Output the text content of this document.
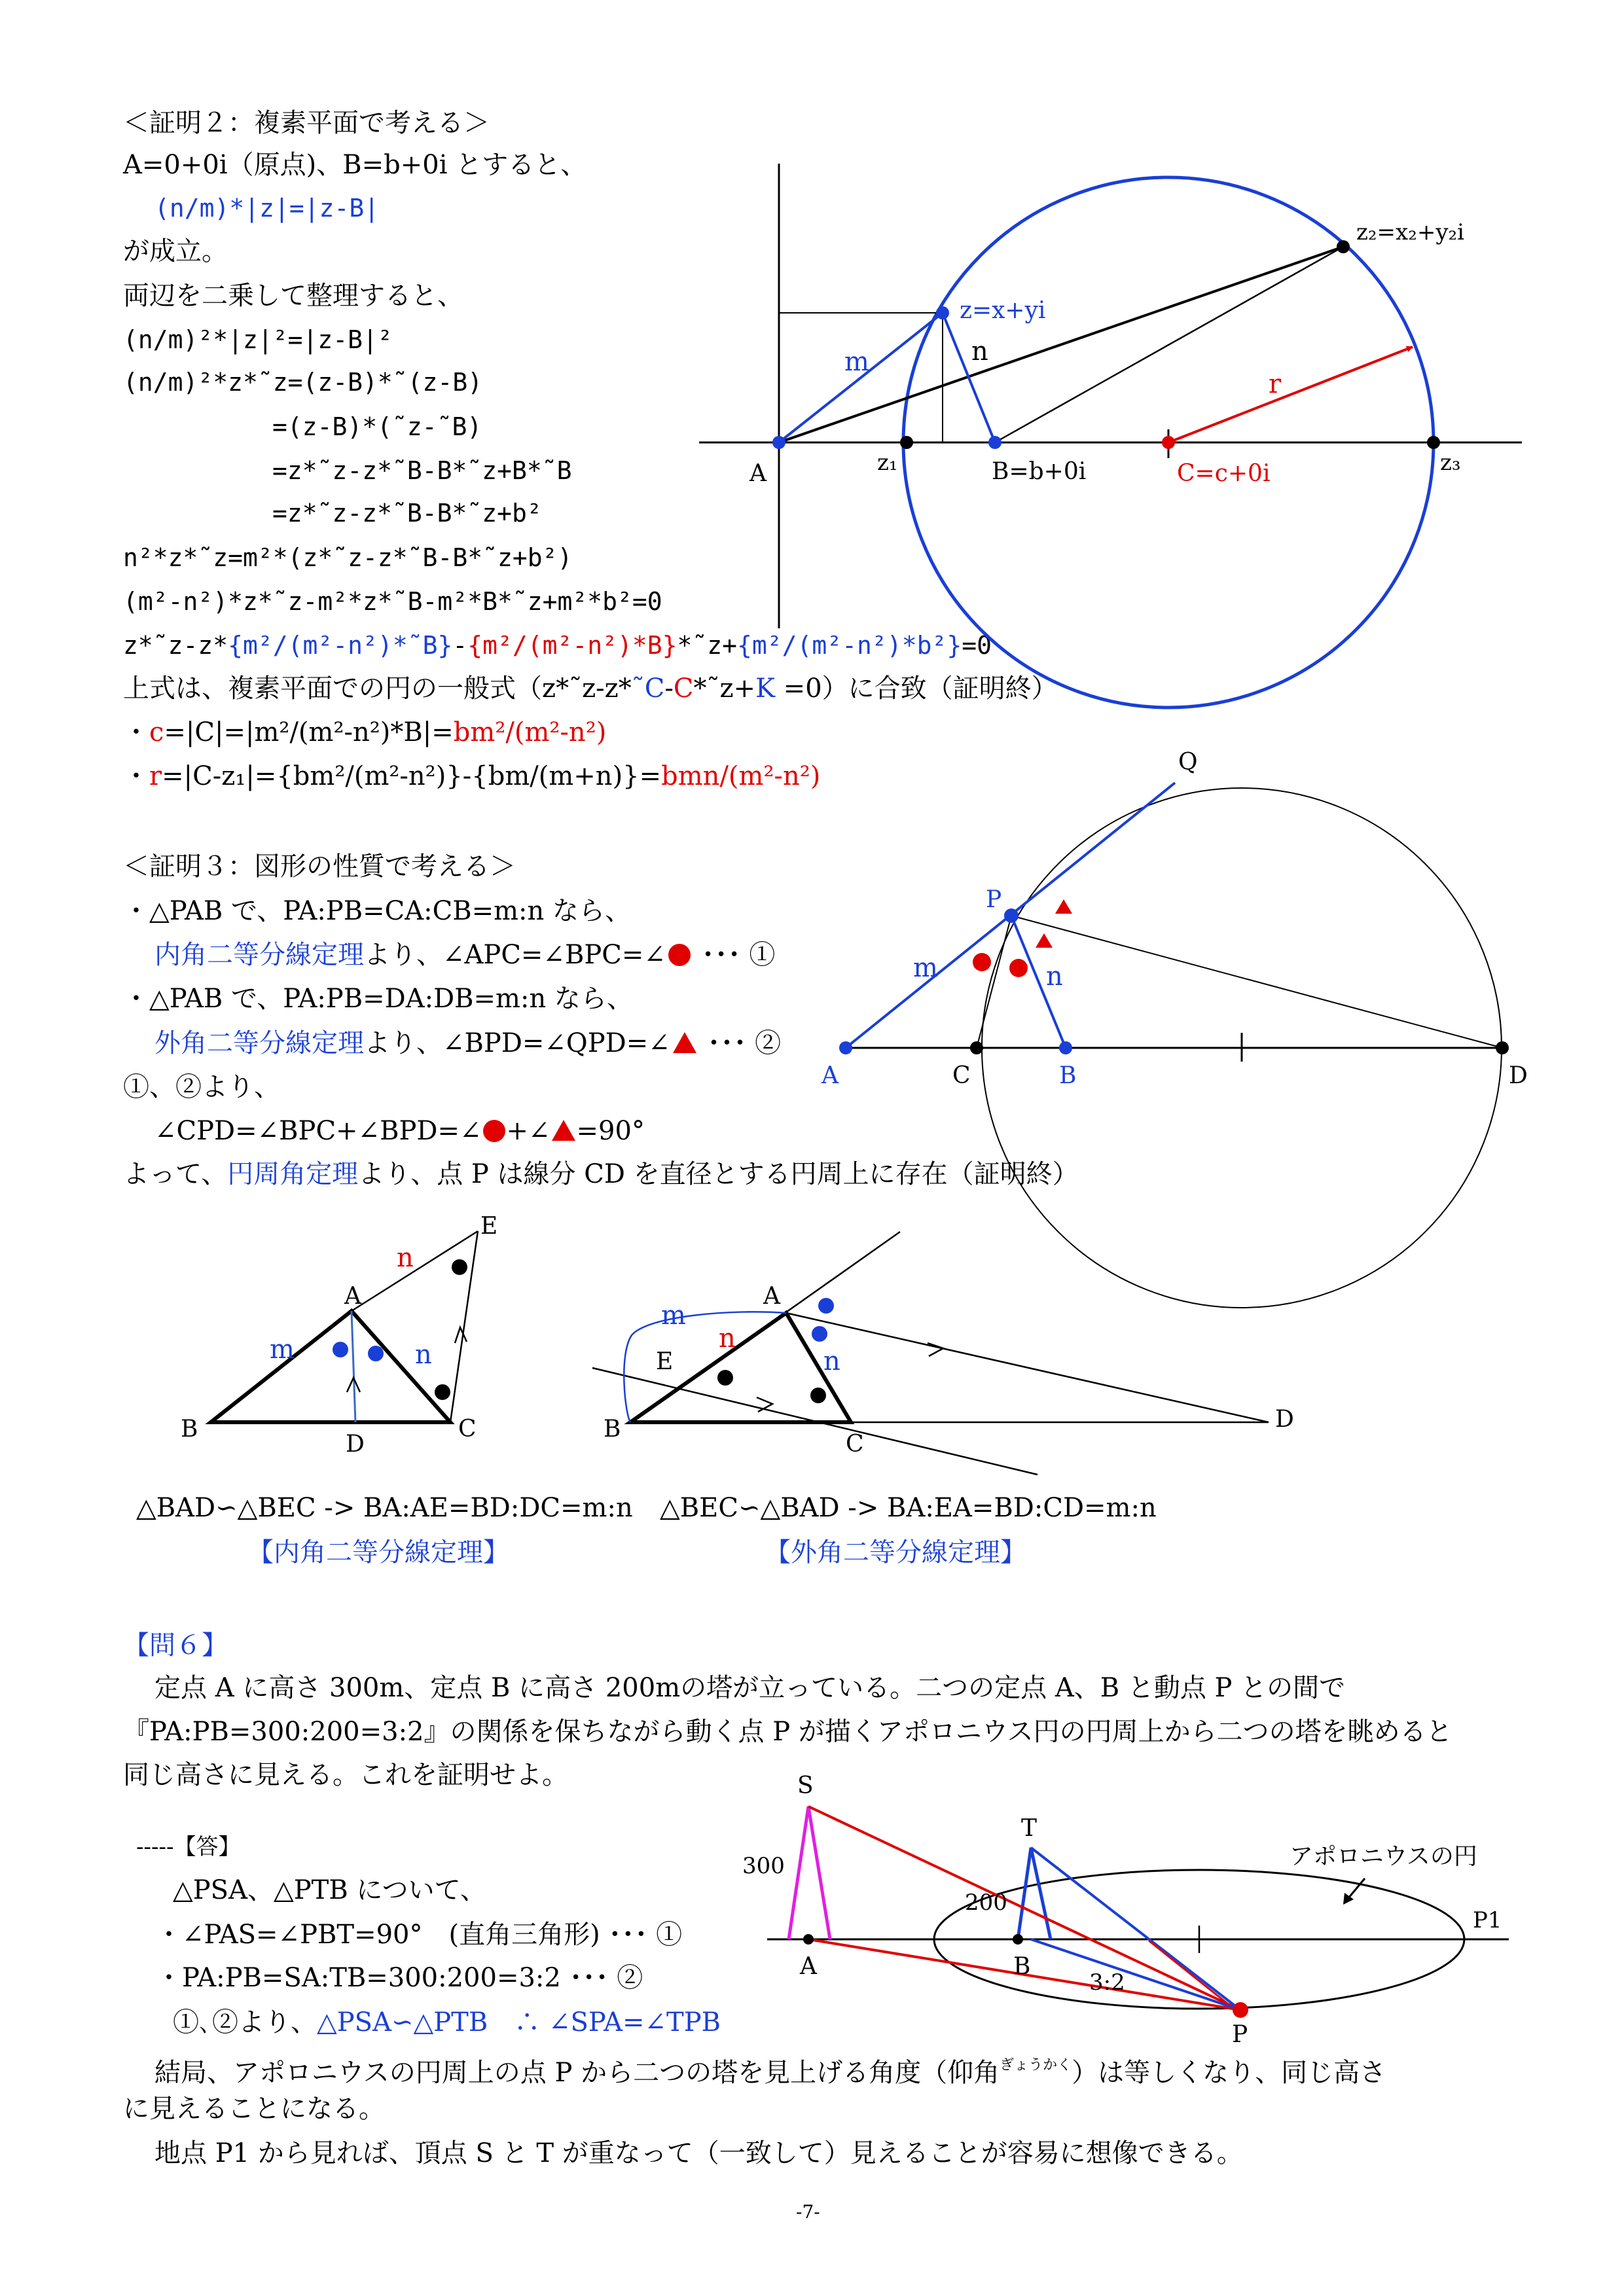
＜証明２：複素平面で考える＞
A=0+0i（原点)、B=b+0i とすると、
(n/m)*|z|=|z-B|
が成立。
両辺を二乗して整理すると、
(n/m)²*|z|²=|z-B|²
(n/m)²*z*˜z=(z-B)*˜(z-B)
=(z-B)*(˜z-˜B)
=z*˜z-z*˜B-B*˜z+B*˜B
=z*˜z-z*˜B-B*˜z+b²
n²*z*˜z=m²*(z*˜z-z*˜B-B*˜z+b²)
(m²-n²)*z*˜z-m²*z*˜B-m²*B*˜z+m²*b²=0
z*˜z-z*{m²/(m²-n²)*˜B}-{m²/(m²-n²)*B}*˜z+{m²/(m²-n²)*b²}=0
上式は、複素平面での円の一般式（z*˜z-z*˜C-C*˜z+K =0）に合致（証明終）
・c=|C|=|m²/(m²-n²)*B|=bm²/(m²-n²)
・r=|C-z₁|={bm²/(m²-n²)}-{bm/(m+n)}=bmn/(m²-n²)
＜証明３：図形の性質で考える＞
・△PAB で、PA:PB=CA:CB=m:n なら、
内角二等分線定理より、∠APC=∠BPC=∠ ･･･ ①
・△PAB で、PA:PB=DA:DB=m:n なら、
外角二等分線定理より、∠BPD=∠QPD=∠ ･･･ ②
①、②より、
∠CPD=∠BPC+∠BPD=∠ +∠ =90°
よって、円周角定理より、点 P は線分 CD を直径とする円周上に存在（証明終）
△BAD∽△BEC -> BA:AE=BD:DC=m:n
【内角二等分線定理】
△BEC∽△BAD -> BA:EA=BD:CD=m:n
【外角二等分線定理】
【問６】
定点 A に高さ 300m、定点 B に高さ 200mの塔が立っている。二つの定点 A、B と動点 P との間で
『PA:PB=300:200=3:2』の関係を保ちながら動く点 P が描くアポロニウス円の円周上から二つの塔を眺めると
同じ高さに見える。これを証明せよ。
-----【答】
△PSA、△PTB について、
・∠PAS=∠PBT=90°　(直角三角形) ･･･ ①
・PA:PB=SA:TB=300:200=3:2 ･･･ ②
①､②より、△PSA∽△PTB　∴ ∠SPA=∠TPB
結局、アポロニウスの円周上の点 P から二つの塔を見上げる角度（仰角$^{ぎょうかく}$）は等しくなり、同じ高さ
に見えることになる。
地点 P1 から見れば、頂点 S と T が重なって（一致して）見えることが容易に想像できる。
-7-
A	z₁	B=b+0i	C=c+0i	z₃
z=x+yi
z₂=x₂+y₂i
m	n
r
Q
P
m	n
A	C	B	D
E
n
A
m	n
B
D
C
m
A
n
E	n
B
C
D
S
T
300
200
A	B
3:2
P
P1
アポロニウスの円
